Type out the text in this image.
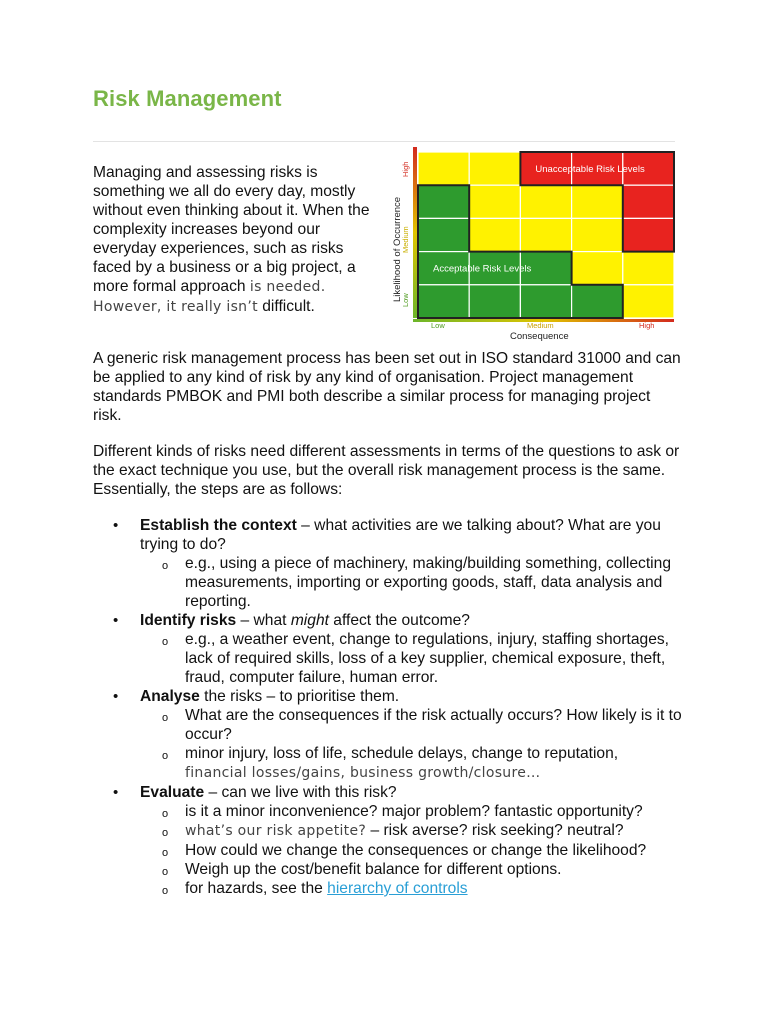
Risk Management

Managing and assessing risks is something we all do every day, mostly without even thinking about it. When the complexity increases beyond our everyday experiences, such as risks faced by a business or a big project, a more formal approach is needed. However, it really isn’t difficult.

Unacceptable Risk Levels
Acceptable Risk Levels
Likelihood of Occurrence
High
Medium
Low
Low	Medium	High
Consequence

A generic risk management process has been set out in ISO standard 31000 and can be applied to any kind of risk by any kind of organisation. Project management standards PMBOK and PMI both describe a similar process for managing project risk.

Different kinds of risks need different assessments in terms of the questions to ask or the exact technique you use, but the overall risk management process is the same. Essentially, the steps are as follows:

• Establish the context – what activities are we talking about? What are you trying to do?
o e.g., using a piece of machinery, making/building something, collecting measurements, importing or exporting goods, staff, data analysis and reporting.
• Identify risks – what might affect the outcome?
o e.g., a weather event, change to regulations, injury, staffing shortages, lack of required skills, loss of a key supplier, chemical exposure, theft, fraud, computer failure, human error.
• Analyse the risks – to prioritise them.
o What are the consequences if the risk actually occurs? How likely is it to occur?
o minor injury, loss of life, schedule delays, change to reputation,
financial losses/gains, business growth/closure…
• Evaluate – can we live with this risk?
o is it a minor inconvenience? major problem? fantastic opportunity?
o what’s our risk appetite? – risk averse? risk seeking? neutral?
o How could we change the consequences or change the likelihood?
o Weigh up the cost/benefit balance for different options.
o for hazards, see the hierarchy of controls
